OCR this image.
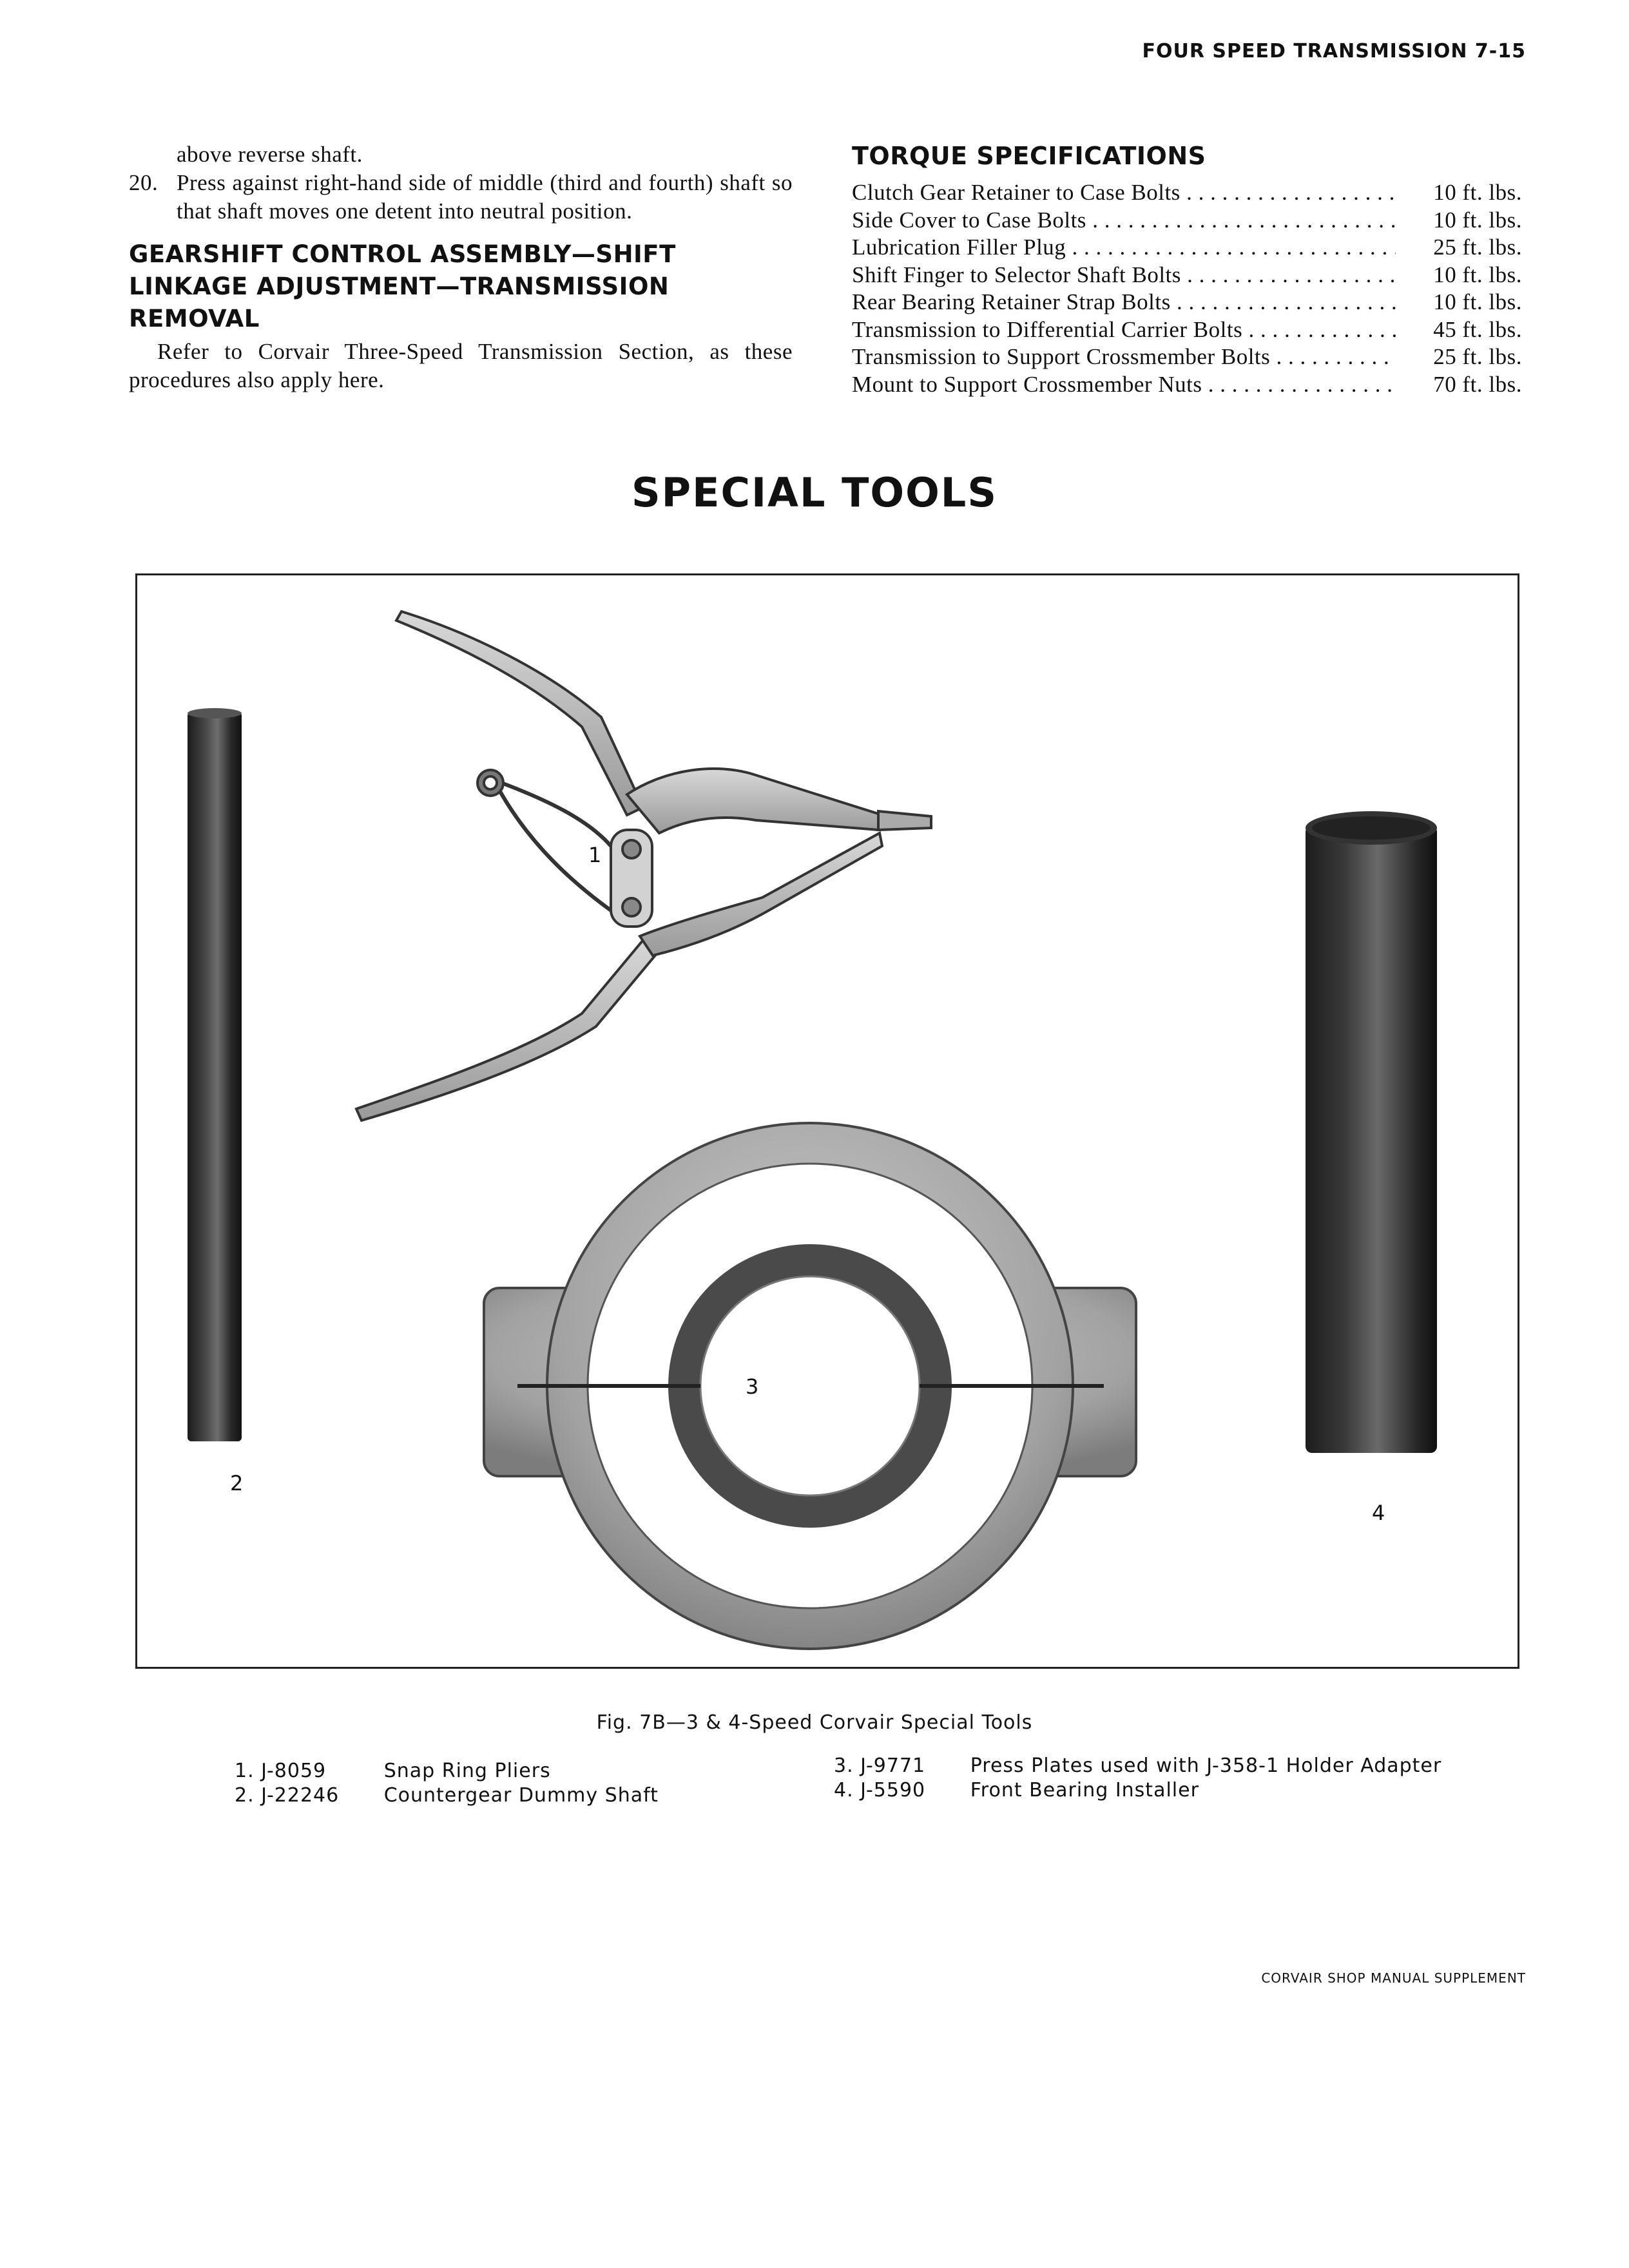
FOUR SPEED TRANSMISSION 7-15
above reverse shaft.
20. Press against right-hand side of middle (third and fourth) shaft so that shaft moves one detent into neutral position.
GEARSHIFT CONTROL ASSEMBLY—SHIFT
LINKAGE ADJUSTMENT—TRANSMISSION
REMOVAL
Refer to Corvair Three-Speed Transmission Section, as these procedures also apply here.
TORQUE SPECIFICATIONS
Clutch Gear Retainer to Case Bolts . . .	10 ft. lbs.
Side Cover to Case Bolts . . .	10 ft. lbs.
Lubrication Filler Plug . . .	25 ft. lbs.
Shift Finger to Selector Shaft Bolts . . .	10 ft. lbs.
Rear Bearing Retainer Strap Bolts . . .	10 ft. lbs.
Transmission to Differential Carrier Bolts . . .	45 ft. lbs.
Transmission to Support Crossmember Bolts . . .	25 ft. lbs.
Mount to Support Crossmember Nuts . . .	70 ft. lbs.
SPECIAL TOOLS
1
2
3
4
Fig. 7B—3 & 4-Speed Corvair Special Tools
1. J-8059	Snap Ring Pliers
2. J-22246 Countergear Dummy Shaft
3. J-9771 Press Plates used with J-358-1 Holder Adapter
4. J-5590 Front Bearing Installer
CORVAIR SHOP MANUAL SUPPLEMENT
